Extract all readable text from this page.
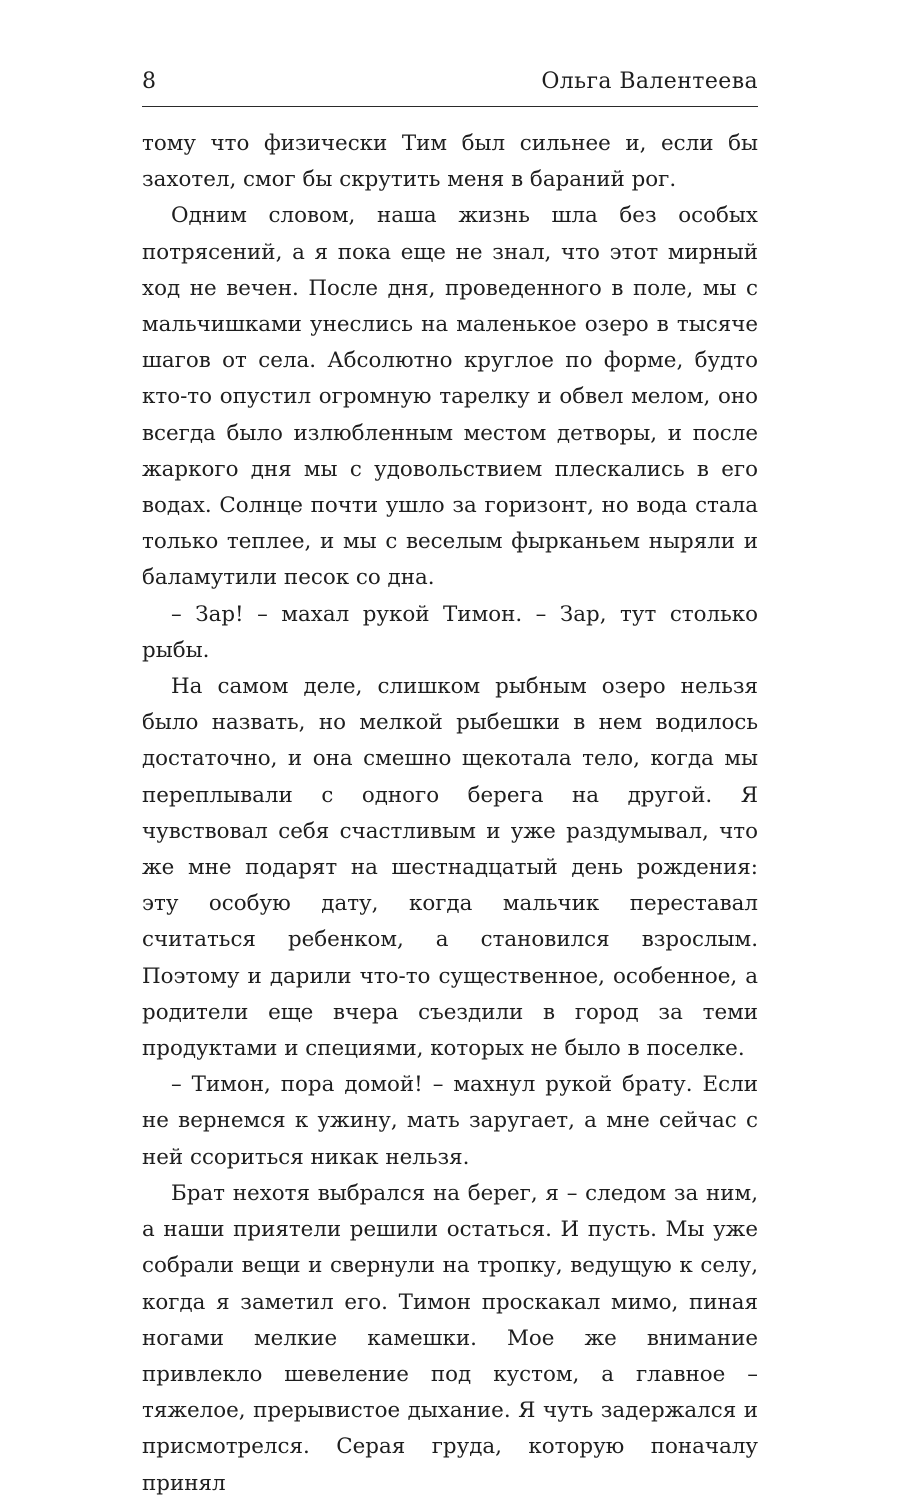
8	Ольга Валентеева

тому что физически Тим был сильнее и, если бы захотел, смог бы скрутить меня в бараний рог.

Одним словом, наша жизнь шла без особых потрясений, а я пока еще не знал, что этот мирный ход не вечен. После дня, проведенного в поле, мы с мальчишками унеслись на маленькое озеро в тысяче шагов от села. Абсолютно круглое по форме, будто кто-то опустил огромную тарелку и обвел мелом, оно всегда было излюбленным местом детворы, и после жаркого дня мы с удовольствием плескались в его водах. Солнце почти ушло за горизонт, но вода стала только теплее, и мы с веселым фырканьем ныряли и баламутили песок со дна.

– Зар! – махал рукой Тимон. – Зар, тут столько рыбы.

На самом деле, слишком рыбным озеро нельзя было назвать, но мелкой рыбешки в нем водилось достаточно, и она смешно щекотала тело, когда мы переплывали с одного берега на другой. Я чувствовал себя счастливым и уже раздумывал, что же мне подарят на шестнадцатый день рождения: эту особую дату, когда мальчик переставал считаться ребенком, а становился взрослым. Поэтому и дарили что-то существенное, особенное, а родители еще вчера съездили в город за теми продуктами и специями, которых не было в поселке.

– Тимон, пора домой! – махнул рукой брату. Если не вернемся к ужину, мать заругает, а мне сейчас с ней ссориться никак нельзя.

Брат нехотя выбрался на берег, я – следом за ним, а наши приятели решили остаться. И пусть. Мы уже собрали вещи и свернули на тропку, ведущую к селу, когда я заметил его. Тимон проскакал мимо, пиная ногами мелкие камешки. Мое же внимание привлекло шевеление под кустом, а главное – тяжелое, прерывистое дыхание. Я чуть задержался и присмотрелся. Серая груда, которую поначалу принял
